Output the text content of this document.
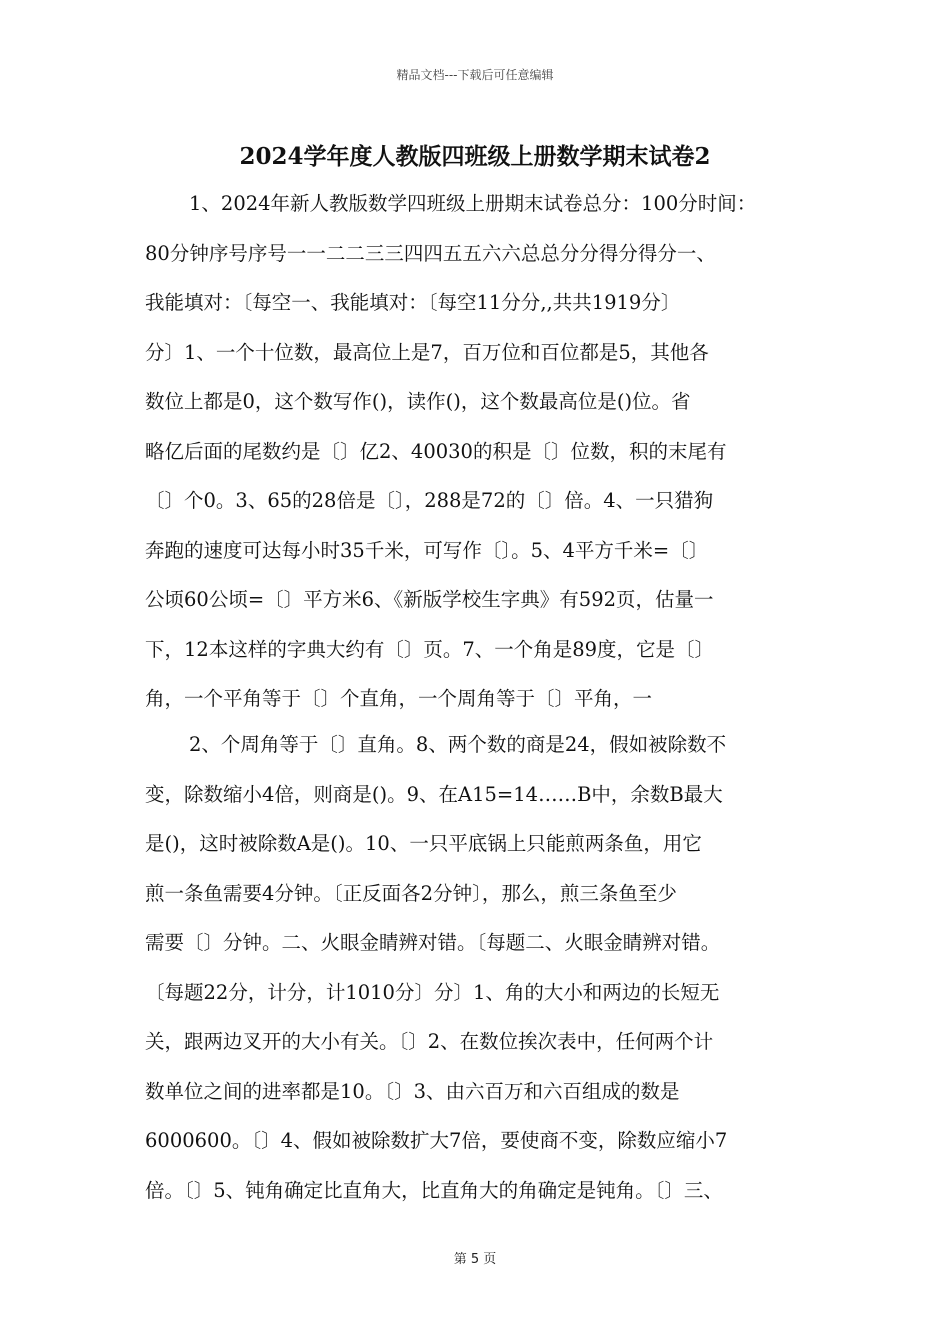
精品文档---下载后可任意编辑
2024学年度人教版四班级上册数学期末试卷2
1、2024年新人教版数学四班级上册期末试卷总分：100分时间：
80分钟序号序号一一二二三三四四五五六六总总分分得分得分一、
我能填对：〔每空一、我能填对：〔每空11分分,,共共1919分〕
分〕1、一个十位数，最高位上是7，百万位和百位都是5，其他各
数位上都是0，这个数写作()，读作()，这个数最高位是()位。省
略亿后面的尾数约是〔〕亿2、40030的积是〔〕位数，积的末尾有
〔〕个0。3、65的28倍是〔〕，288是72的〔〕倍。4、一只猎狗
奔跑的速度可达每小时35千米，可写作〔〕。5、4平方千米=〔〕
公顷60公顷=〔〕平方米6、《新版学校生字典》有592页，估量一
下，12本这样的字典大约有〔〕页。7、一个角是89度，它是〔〕
角，一个平角等于〔〕个直角，一个周角等于〔〕平角，一
2、个周角等于〔〕直角。8、两个数的商是24，假如被除数不
变，除数缩小4倍，则商是()。9、在A15=14……B中，余数B最大
是()，这时被除数A是()。10、一只平底锅上只能煎两条鱼，用它
煎一条鱼需要4分钟。〔正反面各2分钟〕，那么，煎三条鱼至少
需要〔〕分钟。二、火眼金睛辨对错。〔每题二、火眼金睛辨对错。
〔每题22分，计分，计1010分〕分〕1、角的大小和两边的长短无
关，跟两边叉开的大小有关。〔〕2、在数位挨次表中，任何两个计
数单位之间的进率都是10。〔〕3、由六百万和六百组成的数是
6000600。〔〕4、假如被除数扩大7倍，要使商不变，除数应缩小7
倍。〔〕5、钝角确定比直角大，比直角大的角确定是钝角。〔〕三、
第 5 页
